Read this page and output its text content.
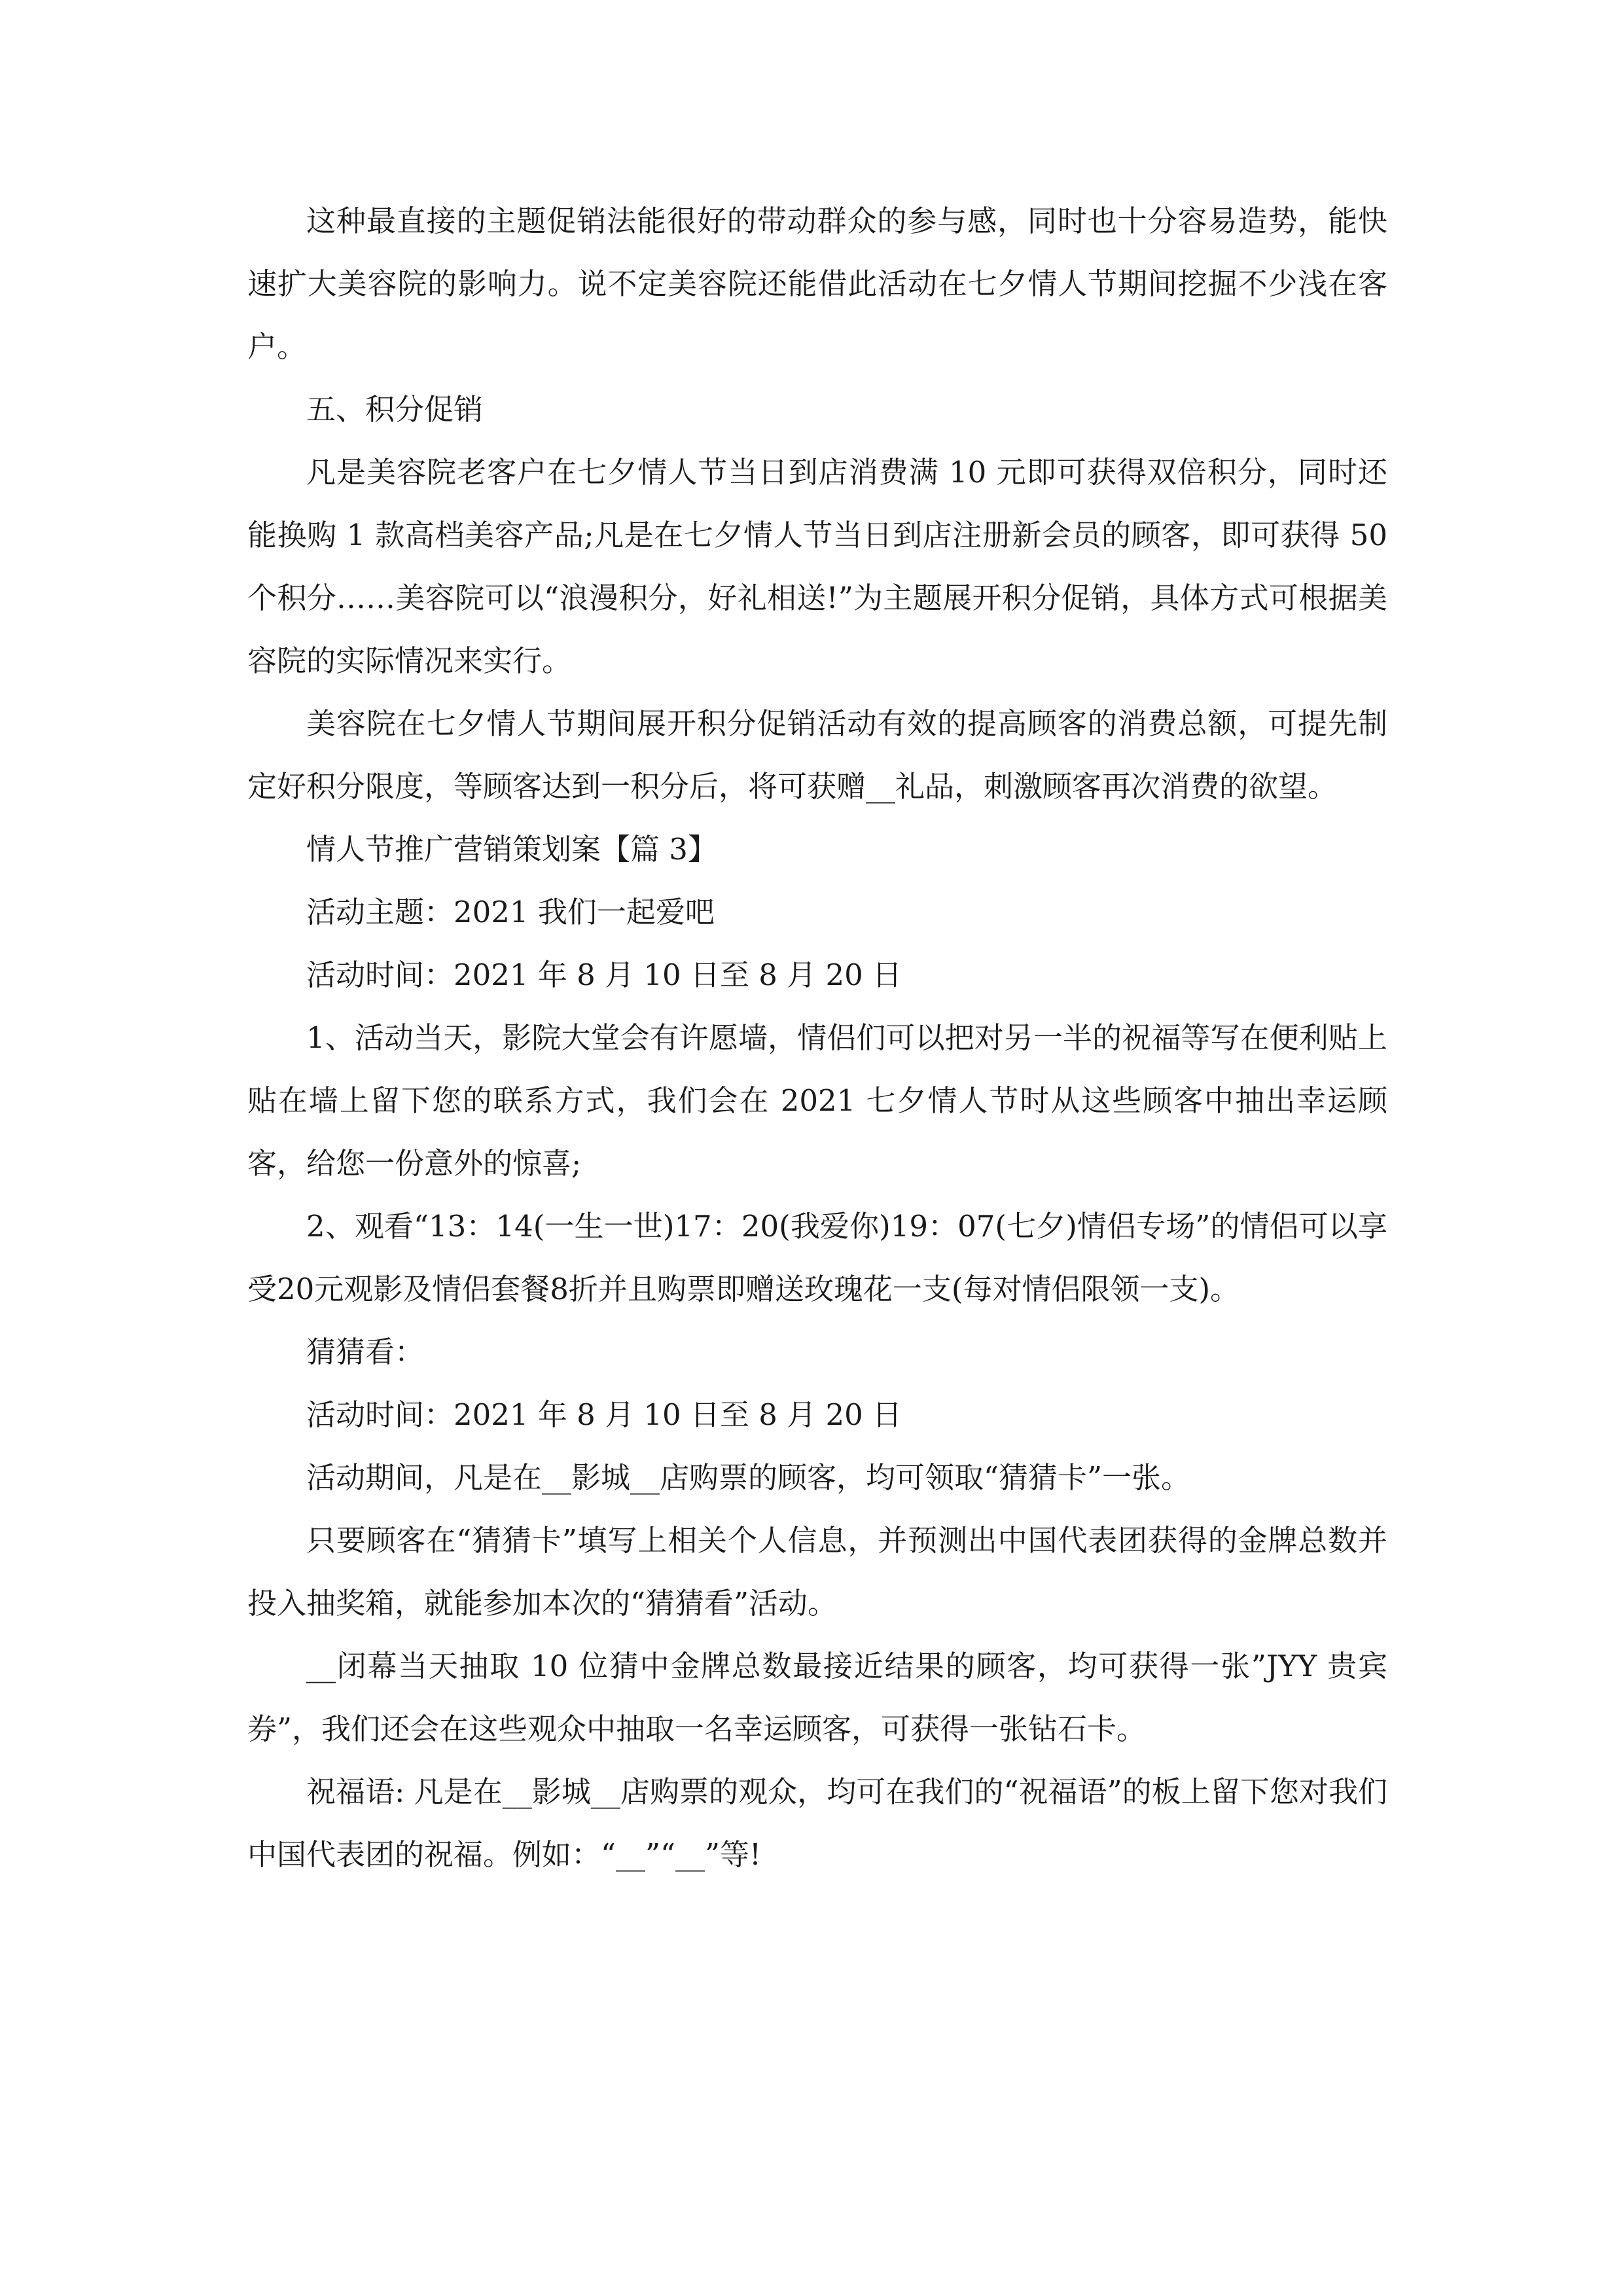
这种最直接的主题促销法能很好的带动群众的参与感，同时也十分容易造势，能快速扩大美容院的影响力。说不定美容院还能借此活动在七夕情人节期间挖掘不少浅在客户。

五、积分促销

凡是美容院老客户在七夕情人节当日到店消费满 10 元即可获得双倍积分，同时还能换购 1 款高档美容产品;凡是在七夕情人节当日到店注册新会员的顾客，即可获得 50 个积分……美容院可以“浪漫积分，好礼相送!”为主题展开积分促销，具体方式可根据美容院的实际情况来实行。

美容院在七夕情人节期间展开积分促销活动有效的提高顾客的消费总额，可提先制定好积分限度，等顾客达到一积分后，将可获赠__礼品，刺激顾客再次消费的欲望。

情人节推广营销策划案【篇 3】

活动主题：2021 我们一起爱吧

活动时间：2021 年 8 月 10 日至 8 月 20 日

1、活动当天，影院大堂会有许愿墙，情侣们可以把对另一半的祝福等写在便利贴上贴在墙上留下您的联系方式，我们会在 2021 七夕情人节时从这些顾客中抽出幸运顾客，给您一份意外的惊喜;

2、观看“13：14(一生一世)17：20(我爱你)19：07(七夕)情侣专场”的情侣可以享受20元观影及情侣套餐8折并且购票即赠送玫瑰花一支(每对情侣限领一支)。

猜猜看：

活动时间：2021 年 8 月 10 日至 8 月 20 日

活动期间，凡是在__影城__店购票的顾客，均可领取“猜猜卡”一张。

只要顾客在“猜猜卡”填写上相关个人信息，并预测出中国代表团获得的金牌总数并投入抽奖箱，就能参加本次的“猜猜看”活动。

__闭幕当天抽取 10 位猜中金牌总数最接近结果的顾客，均可获得一张”JYY 贵宾券”，我们还会在这些观众中抽取一名幸运顾客，可获得一张钻石卡。

祝福语: 凡是在__影城__店购票的观众，均可在我们的“祝福语”的板上留下您对我们中国代表团的祝福。例如：“__”“__”等!
